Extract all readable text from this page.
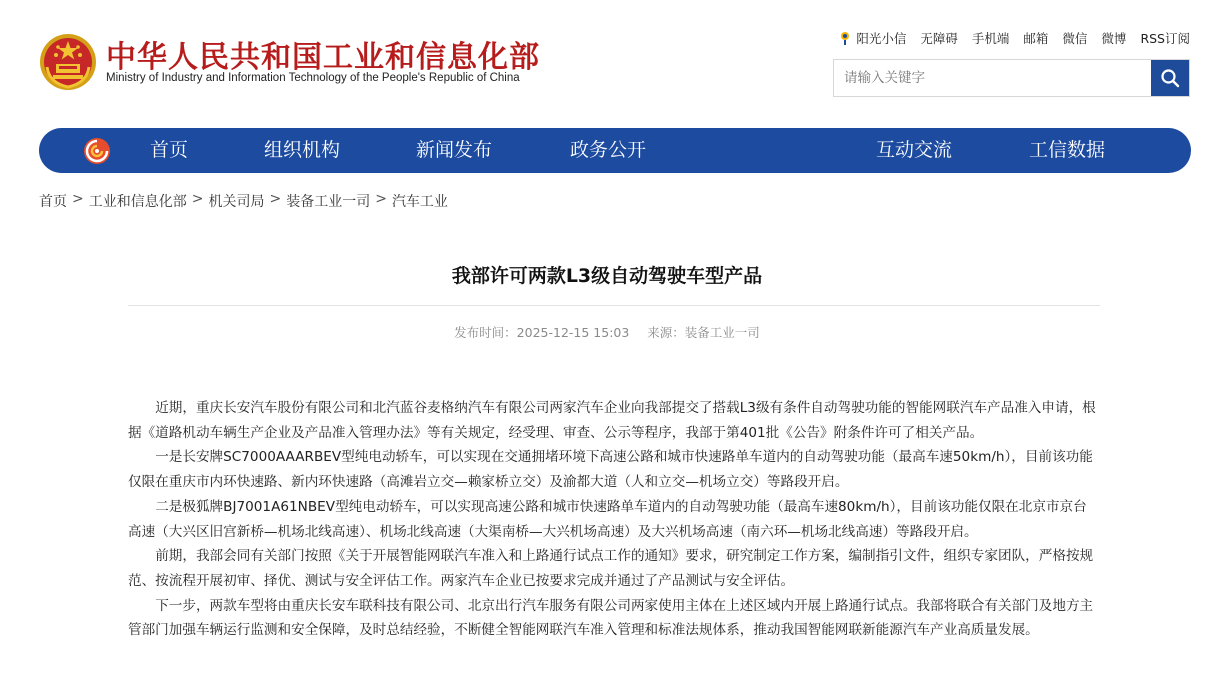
中华人民共和国工业和信息化部
Ministry of Industry and Information Technology of the People's Republic of China
阳光小信 无障碍 手机端 邮箱 微信 微博 RSS订阅
请输入关键字
首页	组织机构	新闻发布	政务公开	互动交流	工信数据
首页 > 工业和信息化部 > 机关司局 > 装备工业一司 > 汽车工业
我部许可两款L3级自动驾驶车型产品
发布时间：2025-12-15 15:03 来源：装备工业一司

近期，重庆长安汽车股份有限公司和北汽蓝谷麦格纳汽车有限公司两家汽车企业向我部提交了搭载L3级有条件自动驾驶功能的智能网联汽车产品准入申请，根据《道路机动车辆生产企业及产品准入管理办法》等有关规定，经受理、审查、公示等程序，我部于第401批《公告》附条件许可了相关产品。

一是长安牌SC7000AAARBEV型纯电动轿车，可以实现在交通拥堵环境下高速公路和城市快速路单车道内的自动驾驶功能（最高车速50km/h），目前该功能仅限在重庆市内环快速路、新内环快速路（高滩岩立交—赖家桥立交）及渝都大道（人和立交—机场立交）等路段开启。

二是极狐牌BJ7001A61NBEV型纯电动轿车，可以实现高速公路和城市快速路单车道内的自动驾驶功能（最高车速80km/h），目前该功能仅限在北京市京台高速（大兴区旧宫新桥—机场北线高速）、机场北线高速（大渠南桥—大兴机场高速）及大兴机场高速（南六环—机场北线高速）等路段开启。

前期，我部会同有关部门按照《关于开展智能网联汽车准入和上路通行试点工作的通知》要求，研究制定工作方案，编制指引文件，组织专家团队，严格按规范、按流程开展初审、择优、测试与安全评估工作。两家汽车企业已按要求完成并通过了产品测试与安全评估。

下一步，两款车型将由重庆长安车联科技有限公司、北京出行汽车服务有限公司两家使用主体在上述区域内开展上路通行试点。我部将联合有关部门及地方主管部门加强车辆运行监测和安全保障，及时总结经验，不断健全智能网联汽车准入管理和标准法规体系，推动我国智能网联新能源汽车产业高质量发展。
